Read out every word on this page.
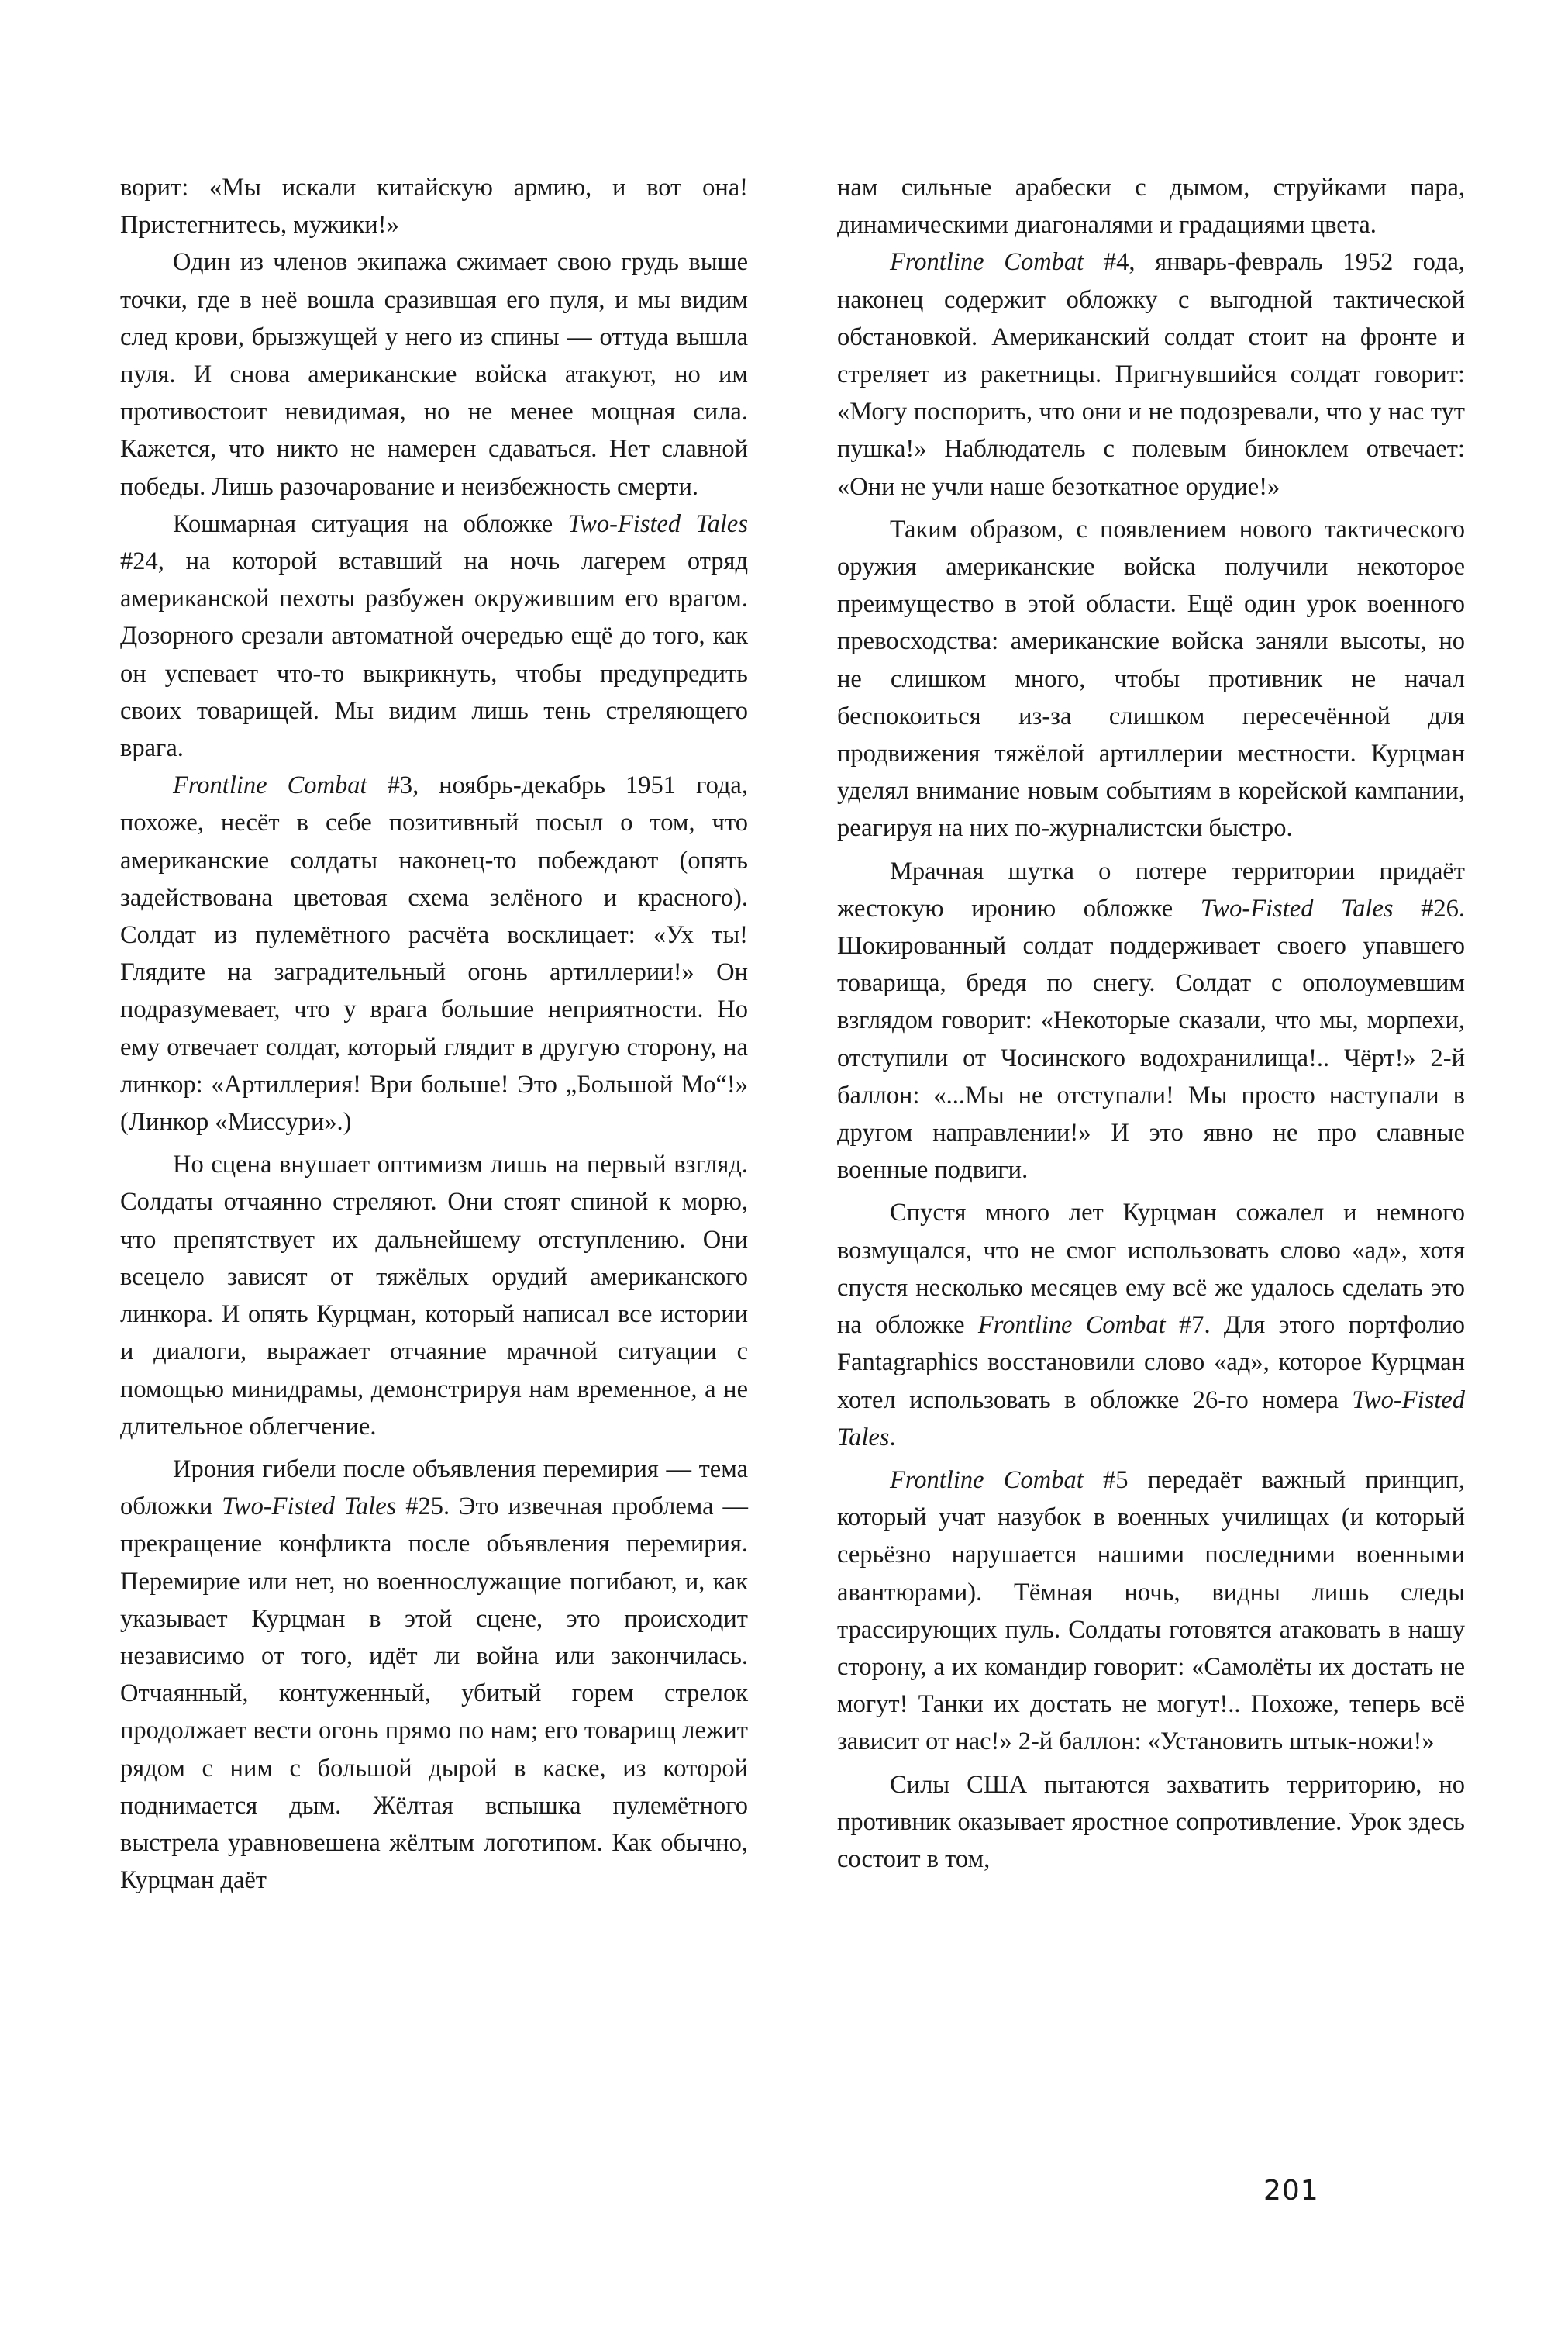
ворит: «Мы искали китайскую армию, и вот она! Пристегнитесь, мужики!»

Один из членов экипажа сжимает свою грудь выше точки, где в неё вошла сразившая его пуля, и мы видим след крови, брызжущей у него из спины — оттуда вышла пуля. И снова американские войска атакуют, но им противостоит невидимая, но не менее мощная сила. Кажется, что никто не намерен сдаваться. Нет славной победы. Лишь разочарование и неизбежность смерти.

Кошмарная ситуация на обложке Two-Fisted Tales #24, на которой вставший на ночь лагерем отряд американской пехоты разбужен окружившим его врагом. Дозорного срезали автоматной очередью ещё до того, как он успевает что-то выкрикнуть, чтобы предупредить своих товарищей. Мы видим лишь тень стреляющего врага.

Frontline Combat #3, ноябрь-декабрь 1951 года, похоже, несёт в себе позитивный посыл о том, что американские солдаты наконец-то побеждают (опять задействована цветовая схема зелёного и красного). Солдат из пулемётного расчёта восклицает: «Ух ты! Глядите на заградительный огонь артиллерии!» Он подразумевает, что у врага большие неприятности. Но ему отвечает солдат, который глядит в другую сторону, на линкор: «Артиллерия! Ври больше! Это „Большой Мо“!» (Линкор «Миссури».)

Но сцена внушает оптимизм лишь на первый взгляд. Солдаты отчаянно стреляют. Они стоят спиной к морю, что препятствует их дальнейшему отступлению. Они всецело зависят от тяжёлых орудий американского линкора. И опять Курцман, который написал все истории и диалоги, выражает отчаяние мрачной ситуации с помощью минидрамы, демонстрируя нам временное, а не длительное облегчение.

Ирония гибели после объявления перемирия — тема обложки Two-Fisted Tales #25. Это извечная проблема — прекращение конфликта после объявления перемирия. Перемирие или нет, но военнослужащие погибают, и, как указывает Курцман в этой сцене, это происходит независимо от того, идёт ли война или закончилась. Отчаянный, контуженный, убитый горем стрелок продолжает вести огонь прямо по нам; его товарищ лежит рядом с ним с большой дырой в каске, из которой поднимается дым. Жёлтая вспышка пулемётного выстрела уравновешена жёлтым логотипом. Как обычно, Курцман даёт

нам сильные арабески с дымом, струйками пара, динамическими диагоналями и градациями цвета.

Frontline Combat #4, январь-февраль 1952 года, наконец содержит обложку с выгодной тактической обстановкой. Американский солдат стоит на фронте и стреляет из ракетницы. Пригнувшийся солдат говорит: «Могу поспорить, что они и не подозревали, что у нас тут пушка!» Наблюдатель с полевым биноклем отвечает: «Они не учли наше безоткатное орудие!»

Таким образом, с появлением нового тактического оружия американские войска получили некоторое преимущество в этой области. Ещё один урок военного превосходства: американские войска заняли высоты, но не слишком много, чтобы противник не начал беспокоиться из-за слишком пересечённой для продвижения тяжёлой артиллерии местности. Курцман уделял внимание новым событиям в корейской кампании, реагируя на них по-журналистски быстро.

Мрачная шутка о потере территории придаёт жестокую иронию обложке Two-Fisted Tales #26. Шокированный солдат поддерживает своего упавшего товарища, бредя по снегу. Солдат с ополоумевшим взглядом говорит: «Некоторые сказали, что мы, морпехи, отступили от Чосинского водохранилища!.. Чёрт!» 2-й баллон: «...Мы не отступали! Мы просто наступали в другом направлении!» И это явно не про славные военные подвиги.

Спустя много лет Курцман сожалел и немного возмущался, что не смог использовать слово «ад», хотя спустя несколько месяцев ему всё же удалось сделать это на обложке Frontline Combat #7. Для этого портфолио Fantagraphics восстановили слово «ад», которое Курцман хотел использовать в обложке 26-го номера Two-Fisted Tales.

Frontline Combat #5 передаёт важный принцип, который учат назубок в военных училищах (и который серьёзно нарушается нашими последними военными авантюрами). Тёмная ночь, видны лишь следы трассирующих пуль. Солдаты готовятся атаковать в нашу сторону, а их командир говорит: «Самолёты их достать не могут! Танки их достать не могут!.. Похоже, теперь всё зависит от нас!» 2-й баллон: «Установить штык-ножи!»

Силы США пытаются захватить территорию, но противник оказывает яростное сопротивление. Урок здесь состоит в том,

201
